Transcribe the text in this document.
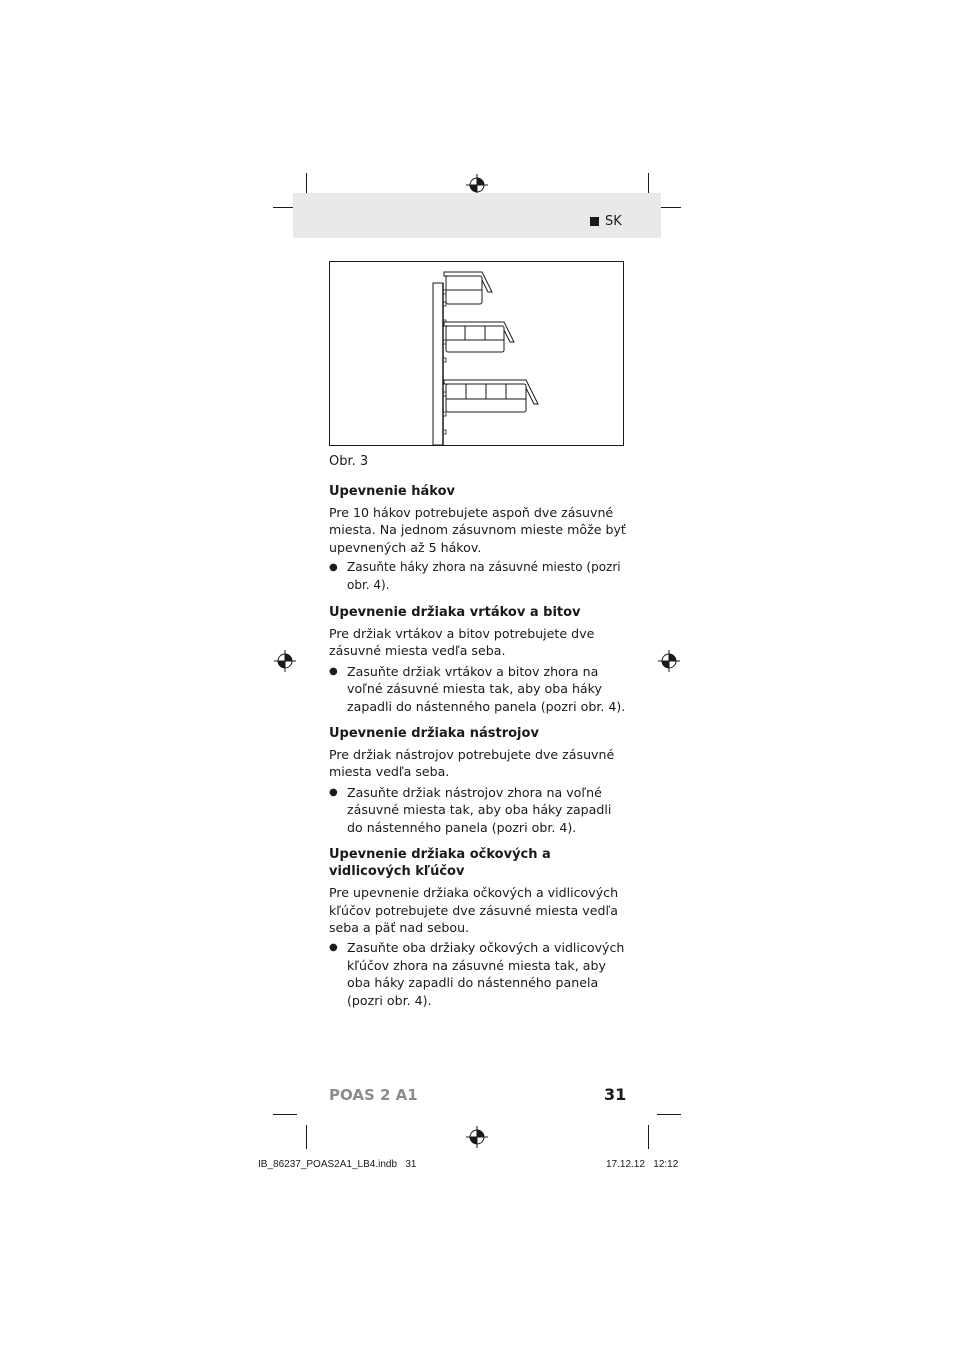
SK
Obr. 3
Upevnenie hákov

Pre 10 hákov potrebujete aspoň dve zásuvné miesta. Na jednom zásuvnom mieste môže byť upevnených až 5 hákov.

● Zasuňte háky zhora na zásuvné miesto (pozri obr. 4).
Upevnenie držiaka vrtákov a bitov

Pre držiak vrtákov a bitov potrebujete dve zásuvné miesta vedľa seba.

● Zasuňte držiak vrtákov a bitov zhora na voľné zásuvné miesta tak, aby oba háky zapadli do nástenného panela (pozri obr. 4).
Upevnenie držiaka nástrojov

Pre držiak nástrojov potrebujete dve zásuvné miesta vedľa seba.

● Zasuňte držiak nástrojov zhora na voľné zásuvné miesta tak, aby oba háky zapadli do nástenného panela (pozri obr. 4).
Upevnenie držiaka očkových a vidlicových kľúčov

Pre upevnenie držiaka očkových a vidlicových kľúčov potrebujete dve zásuvné miesta vedľa seba a päť nad sebou.

● Zasuňte oba držiaky očkových a vidlicových kľúčov zhora na zásuvné miesta tak, aby oba háky zapadli do nástenného panela (pozri obr. 4).
POAS 2 A1	31
IB_86237_POAS2A1_LB4.indb   31	17.12.12   12:12
